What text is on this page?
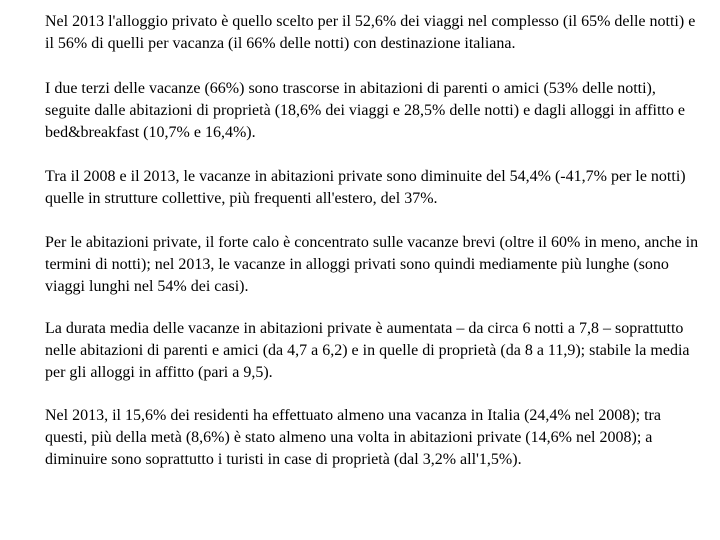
Nel 2013 l'alloggio privato è quello scelto per il 52,6% dei viaggi nel complesso (il 65% delle notti) e il 56% di quelli per vacanza (il 66% delle notti) con destinazione italiana.

I due terzi delle vacanze (66%) sono trascorse in abitazioni di parenti o amici (53% delle notti), seguite dalle abitazioni di proprietà (18,6% dei viaggi e 28,5% delle notti) e dagli alloggi in affitto e bed&breakfast (10,7% e 16,4%).

Tra il 2008 e il 2013, le vacanze in abitazioni private sono diminuite del 54,4% (-41,7% per le notti) quelle in strutture collettive, più frequenti all'estero, del 37%.

Per le abitazioni private, il forte calo è concentrato sulle vacanze brevi (oltre il 60% in meno, anche in termini di notti); nel 2013, le vacanze in alloggi privati sono quindi mediamente più lunghe (sono viaggi lunghi nel 54% dei casi).

La durata media delle vacanze in abitazioni private è aumentata – da circa 6 notti a 7,8 – soprattutto nelle abitazioni di parenti e amici (da 4,7 a 6,2) e in quelle di proprietà (da 8 a 11,9); stabile la media per gli alloggi in affitto (pari a 9,5).

Nel 2013, il 15,6% dei residenti ha effettuato almeno una vacanza in Italia (24,4% nel 2008); tra questi, più della metà (8,6%) è stato almeno una volta in abitazioni private (14,6% nel 2008); a diminuire sono soprattutto i turisti in case di proprietà (dal 3,2% all'1,5%).
